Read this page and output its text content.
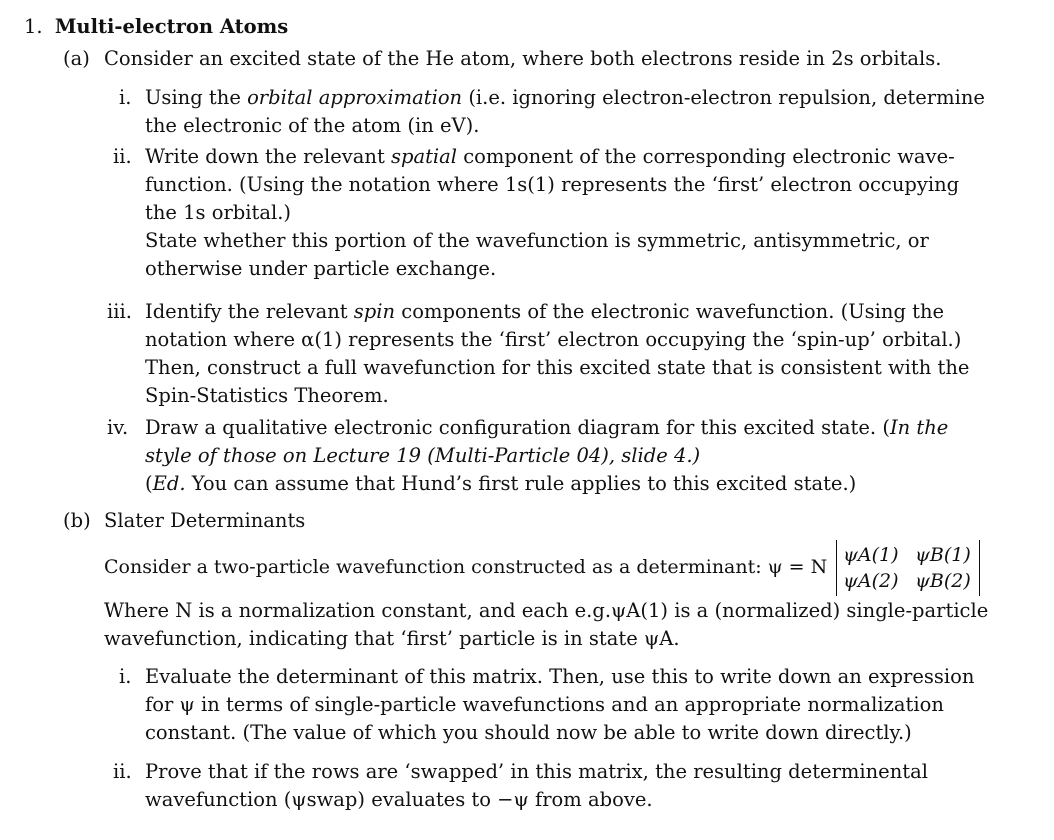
1. Multi-electron Atoms
(a) Consider an excited state of the He atom, where both electrons reside in 2s orbitals.
i. Using the orbital approximation (i.e. ignoring electron-electron repulsion, determine
the electronic of the atom (in eV).
ii. Write down the relevant spatial component of the corresponding electronic wave-
function. (Using the notation where 1s(1) represents the ‘first’ electron occupying
the 1s orbital.)
State whether this portion of the wavefunction is symmetric, antisymmetric, or
otherwise under particle exchange.
iii. Identify the relevant spin components of the electronic wavefunction. (Using the
notation where α(1) represents the ‘first’ electron occupying the ‘spin-up’ orbital.)
Then, construct a full wavefunction for this excited state that is consistent with the
Spin-Statistics Theorem.
iv. Draw a qualitative electronic configuration diagram for this excited state. (In the
style of those on Lecture 19 (Multi-Particle 04), slide 4.)
(Ed. You can assume that Hund’s first rule applies to this excited state.)
(b) Slater Determinants
Consider a two-particle wavefunction constructed as a determinant: ψ = N
ψA(1) ψB(1)
ψA(2) ψB(2)
Where N is a normalization constant, and each e.g.ψA(1) is a (normalized) single-particle
wavefunction, indicating that ‘first’ particle is in state ψA.
i. Evaluate the determinant of this matrix. Then, use this to write down an expression
for ψ in terms of single-particle wavefunctions and an appropriate normalization
constant. (The value of which you should now be able to write down directly.)
ii. Prove that if the rows are ‘swapped’ in this matrix, the resulting determinental
wavefunction (ψswap) evaluates to −ψ from above.
